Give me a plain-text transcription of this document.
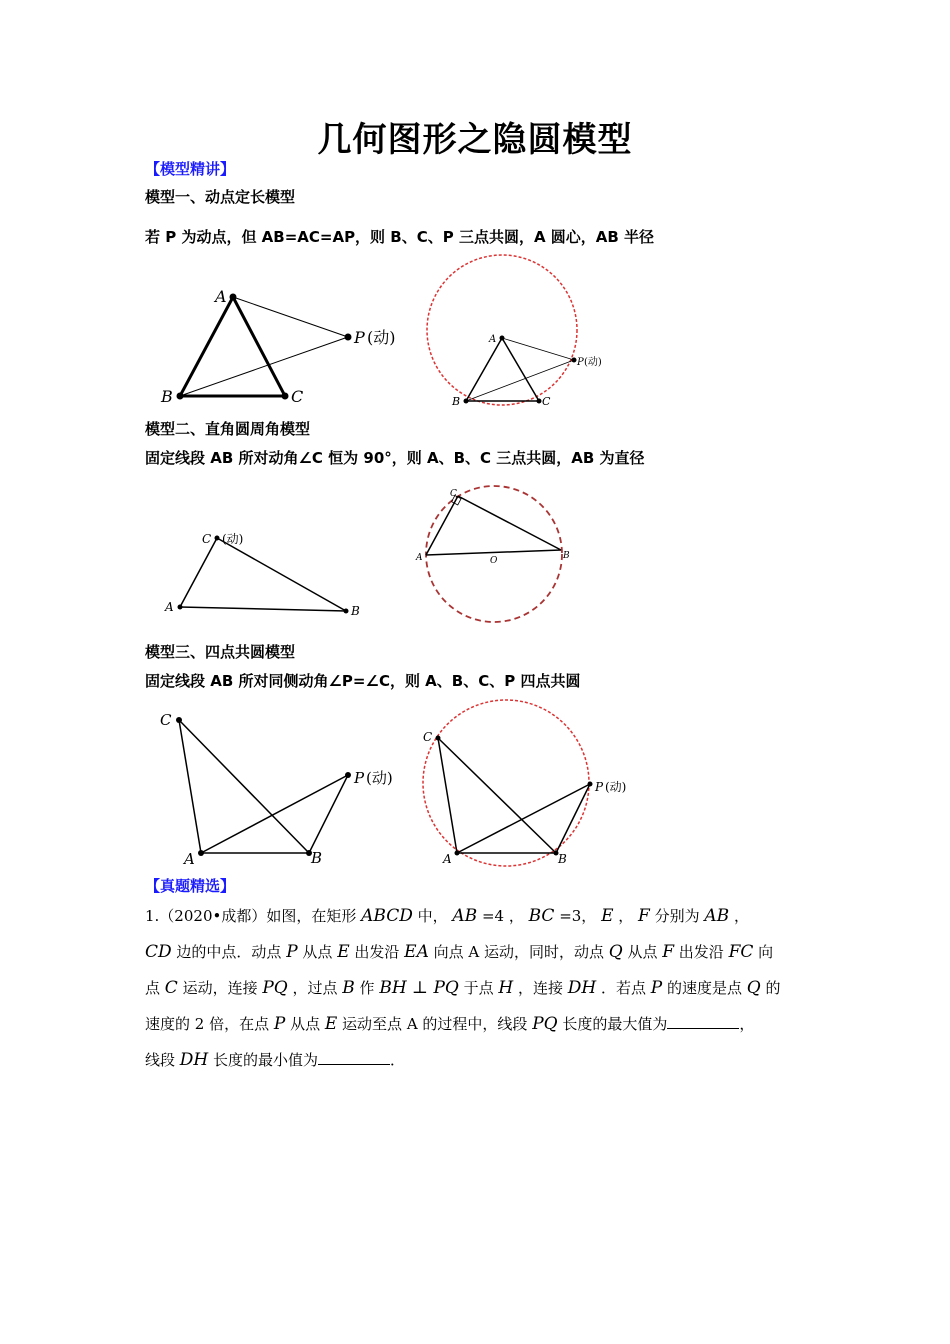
几何图形之隐圆模型
【模型精讲】
模型一、动点定长模型
若 P 为动点，但 AB=AC=AP，则 B、C、P 三点共圆，A 圆心，AB 半径
A
B	C
P (动)	A
B	C
P (动)
模型二、直角圆周角模型
固定线段 AB 所对动角∠C 恒为 90°，则 A、B、C 三点共圆，AB 为直径
C (动)
A	B
C
A	B
O
模型三、四点共圆模型
固定线段 AB 所对同侧动角∠P=∠C，则 A、B、C、P 四点共圆
C
A	B
P (动)
C
A	B
P (动)
【真题精选】
1.（2020•成都）如图，在矩形 ABCD 中， AB =4 ， BC =3， E ， F 分别为 AB ，
CD 边的中点．动点 P 从点 E 出发沿 EA 向点 A 运动，同时，动点 Q 从点 F 出发沿 FC 向
点 C 运动，连接 PQ ，过点 B 作 BH ⊥ PQ 于点 H ，连接 DH ．若点 P 的速度是点 Q 的
速度的 2 倍，在点 P 从点 E 运动至点 A 的过程中，线段 PQ 长度的最大值为	，
线段 DH 长度的最小值为	．
